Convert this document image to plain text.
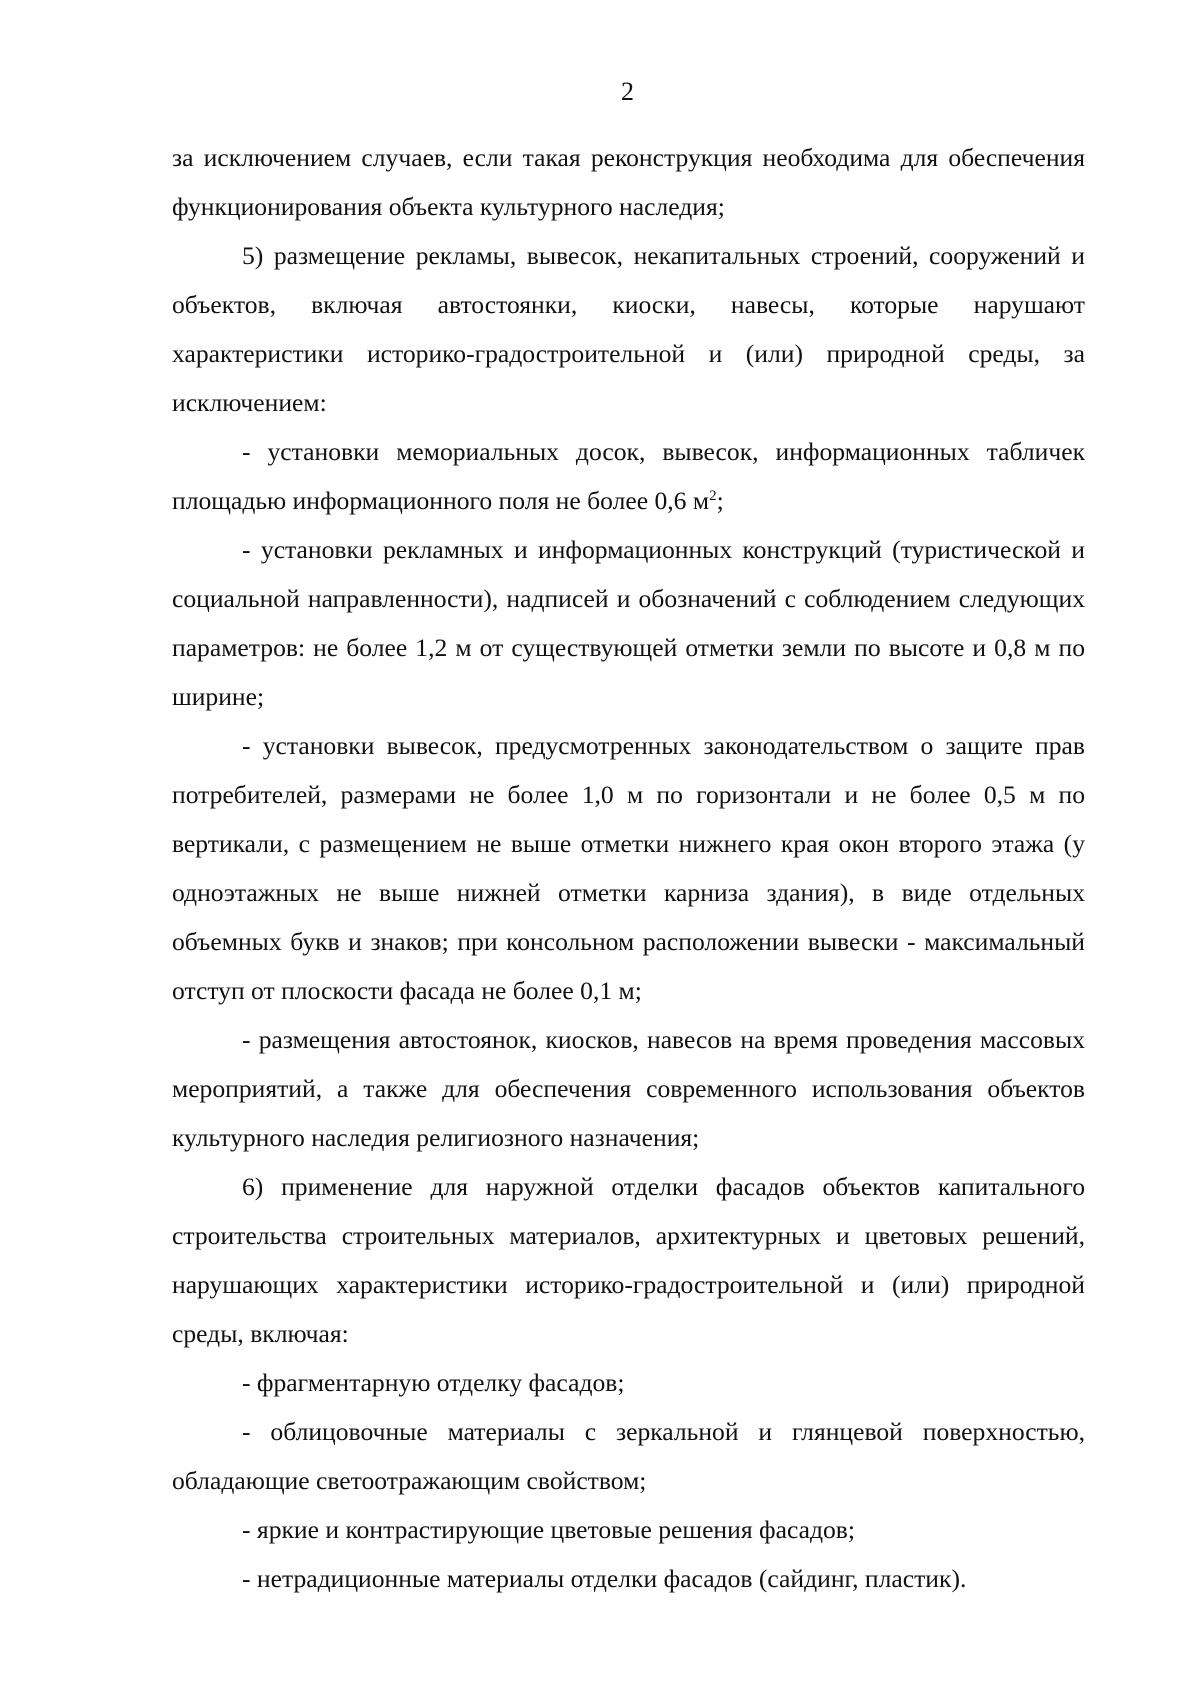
2

за исключением случаев, если такая реконструкция необходима для обеспечения функционирования объекта культурного наследия;

5) размещение рекламы, вывесок, некапитальных строений, сооружений и объектов, включая автостоянки, киоски, навесы, которые нарушают характеристики историко-градостроительной и (или) природной среды, за исключением:

- установки мемориальных досок, вывесок, информационных табличек площадью информационного поля не более 0,6 $м^2$;

- установки рекламных и информационных конструкций (туристической и социальной направленности), надписей и обозначений с соблюдением следующих параметров: не более 1,2 м от существующей отметки земли по высоте и 0,8 м по ширине;

- установки вывесок, предусмотренных законодательством о защите прав потребителей, размерами не более 1,0 м по горизонтали и не более 0,5 м по вертикали, с размещением не выше отметки нижнего края окон второго этажа (у одноэтажных не выше нижней отметки карниза здания), в виде отдельных объемных букв и знаков; при консольном расположении вывески - максимальный отступ от плоскости фасада не более 0,1 м;

- размещения автостоянок, киосков, навесов на время проведения массовых мероприятий, а также для обеспечения современного использования объектов культурного наследия религиозного назначения;

6) применение для наружной отделки фасадов объектов капитального строительства строительных материалов, архитектурных и цветовых решений, нарушающих характеристики историко-градостроительной и (или) природной среды, включая:

- фрагментарную отделку фасадов;

- облицовочные материалы с зеркальной и глянцевой поверхностью, обладающие светоотражающим свойством;

- яркие и контрастирующие цветовые решения фасадов;

- нетрадиционные материалы отделки фасадов (сайдинг, пластик).
